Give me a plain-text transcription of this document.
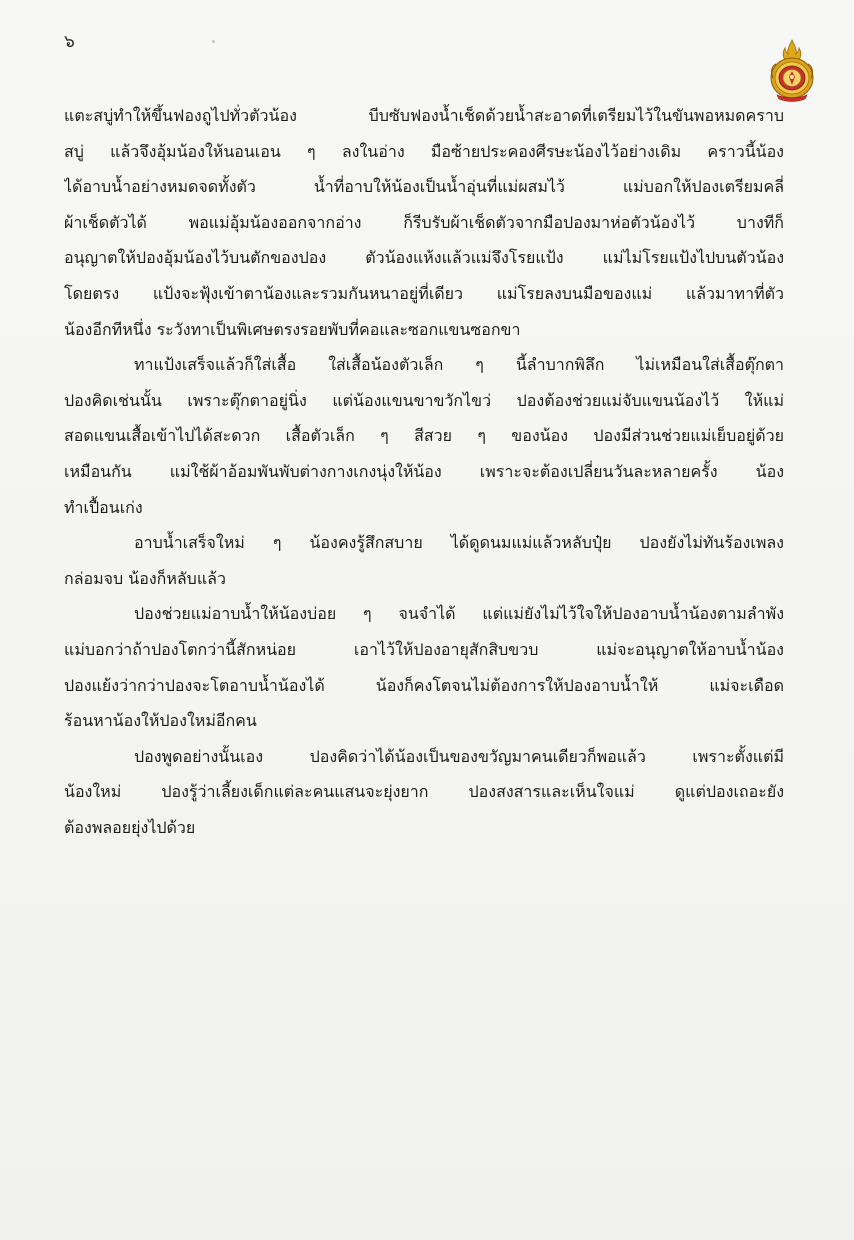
๖
แตะสบู่ทำให้ขึ้นฟองถูไปทั่วตัวน้อง บีบซับฟองน้ำเช็ดด้วยน้ำสะอาดที่เตรียมไว้ในขันพอหมดคราบ
สบู่ แล้วจึงอุ้มน้องให้นอนเอน ๆ ลงในอ่าง มือซ้ายประคองศีรษะน้องไว้อย่างเดิม คราวนี้น้อง
ได้อาบน้ำอย่างหมดจดทั้งตัว น้ำที่อาบให้น้องเป็นน้ำอุ่นที่แม่ผสมไว้ แม่บอกให้ปองเตรียมคลี่
ผ้าเช็ดตัวได้ พอแม่อุ้มน้องออกจากอ่าง ก็รีบรับผ้าเช็ดตัวจากมือปองมาห่อตัวน้องไว้ บางทีก็
อนุญาตให้ปองอุ้มน้องไว้บนตักของปอง ตัวน้องแห้งแล้วแม่จึงโรยแป้ง แม่ไม่โรยแป้งไปบนตัวน้อง
โดยตรง แป้งจะฟุ้งเข้าตาน้องและรวมกันหนาอยู่ที่เดียว แม่โรยลงบนมือของแม่ แล้วมาทาที่ตัว
น้องอีกทีหนึ่ง ระวังทาเป็นพิเศษตรงรอยพับที่คอและซอกแขนซอกขา
ทาแป้งเสร็จแล้วก็ใส่เสื้อ ใส่เสื้อน้องตัวเล็ก ๆ นี้ลำบากพิลึก ไม่เหมือนใส่เสื้อตุ๊กตา
ปองคิดเช่นนั้น เพราะตุ๊กตาอยู่นิ่ง แต่น้องแขนขาขวักไขว่ ปองต้องช่วยแม่จับแขนน้องไว้ ให้แม่
สอดแขนเสื้อเข้าไปได้สะดวก เสื้อตัวเล็ก ๆ สีสวย ๆ ของน้อง ปองมีส่วนช่วยแม่เย็บอยู่ด้วย
เหมือนกัน แม่ใช้ผ้าอ้อมพันพับต่างกางเกงนุ่งให้น้อง เพราะจะต้องเปลี่ยนวันละหลายครั้ง น้อง
ทำเปื้อนเก่ง
อาบน้ำเสร็จใหม่ ๆ น้องคงรู้สึกสบาย ได้ดูดนมแม่แล้วหลับปุ๋ย ปองยังไม่ทันร้องเพลง
กล่อมจบ น้องก็หลับแล้ว
ปองช่วยแม่อาบน้ำให้น้องบ่อย ๆ จนจำได้ แต่แม่ยังไม่ไว้ใจให้ปองอาบน้ำน้องตามลำพัง
แม่บอกว่าถ้าปองโตกว่านี้สักหน่อย เอาไว้ให้ปองอายุสักสิบขวบ แม่จะอนุญาตให้อาบน้ำน้อง
ปองแย้งว่ากว่าปองจะโตอาบน้ำน้องได้ น้องก็คงโตจนไม่ต้องการให้ปองอาบน้ำให้ แม่จะเดือด
ร้อนหาน้องให้ปองใหม่อีกคน
ปองพูดอย่างนั้นเอง ปองคิดว่าได้น้องเป็นของขวัญมาคนเดียวก็พอแล้ว เพราะตั้งแต่มี
น้องใหม่ ปองรู้ว่าเลี้ยงเด็กแต่ละคนแสนจะยุ่งยาก ปองสงสารและเห็นใจแม่ ดูแต่ปองเถอะยัง
ต้องพลอยยุ่งไปด้วย
